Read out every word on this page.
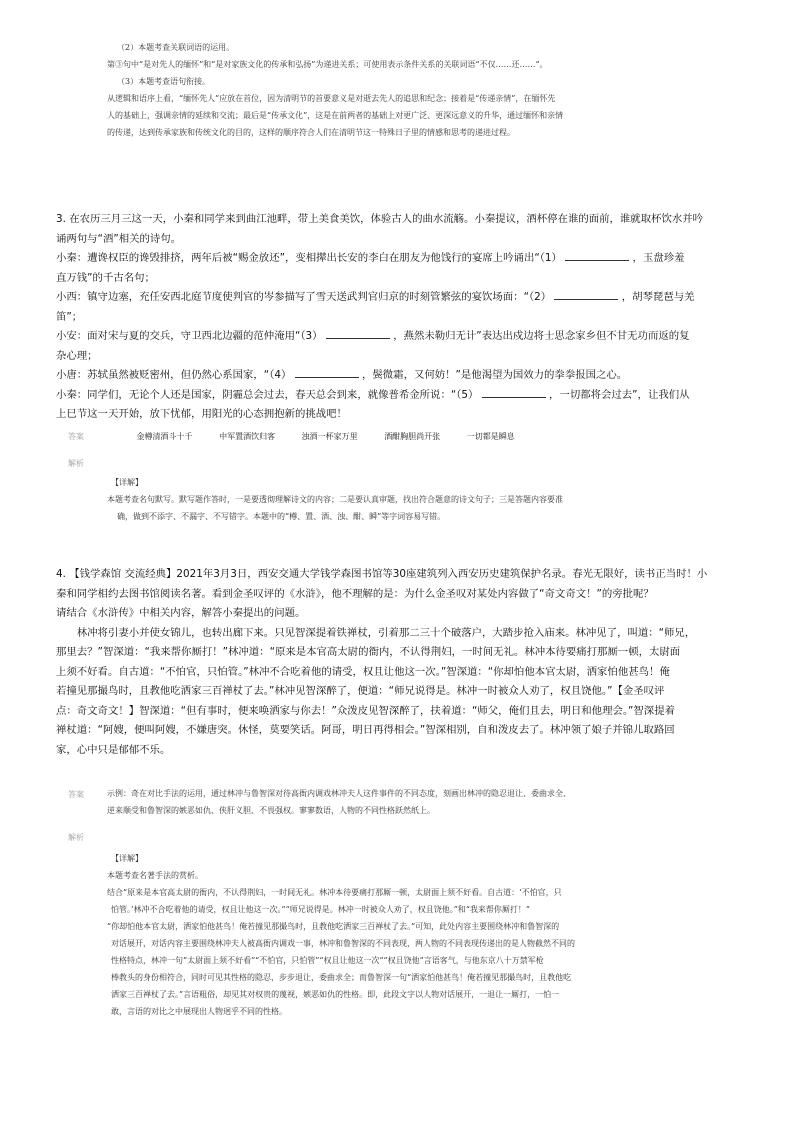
（2）本题考查关联词语的运用。
第③句中“是对先人的缅怀”和“是对家族文化的传承和弘扬”为递进关系；可使用表示条件关系的关联词语“不仅……还……”。
（3）本题考查语句衔接。
从逻辑和语序上看，“缅怀先人”应放在首位，因为清明节的首要意义是对逝去先人的追思和纪念；接着是“传递亲情”，在缅怀先
人的基础上，强调亲情的延续和交流；最后是“传承文化”，这是在前两者的基础上对更广泛、更深远意义的升华，通过缅怀和亲情
的传递，达到传承家族和传统文化的目的，这样的顺序符合人们在清明节这一特殊日子里的情感和思考的递进过程。
3. 在农历三月三这一天，小秦和同学来到曲江池畔，带上美食美饮，体验古人的曲水流觞。小秦提议，酒杯停在谁的面前，谁就取杯饮水并吟
诵两句与“酒”相关的诗句。
小秦：遭谗权臣的谗毁排挤，两年后被“赐金放还”，变相撵出长安的李白在朋友为他饯行的宴席上吟诵出“（1）	，玉盘珍羞
直万钱”的千古名句；
小西：镇守边塞，充任安西北庭节度使判官的岑参描写了雪天送武判官归京的时刻管繁弦的宴饮场面：“（2）	，胡琴琵琶与羌
笛”；
小安：面对宋与夏的交兵，守卫西北边疆的范仲淹用“（3）	，燕然未勒归无计”表达出戍边将士思念家乡但不甘无功而返的复
杂心理；
小唐：苏轼虽然被贬密州，但仍然心系国家，“（4）	，鬓微霜，又何妨！”是他渴望为国效力的拳拳报国之心。
小秦：同学们，无论个人还是国家，阴霾总会过去，春天总会到来，就像普希金所说：“（5）	，一切都将会过去”，让我们从
上巳节这一天开始，放下忧郁，用阳光的心态拥抱新的挑战吧！
答案	金樽清酒斗十千	中军置酒饮归客	浊酒一杯家万里	酒酣胸胆尚开张	一切都是瞬息
解析
【详解】
本题考查名句默写。默写题作答时，一是要透彻理解诗文的内容；二是要认真审题，找出符合题意的诗文句子；三是答题内容要准
确，做到不添字、不漏字、不写错字。本题中的“樽、置、酒、浊、酣、瞬”等字词容易写错。
4. 【钱学森馆 交流经典】2021年3月3日，西安交通大学钱学森图书馆等30座建筑列入西安历史建筑保护名录。春光无限好，读书正当时！小
秦和同学相约去图书馆阅读名著。看到金圣叹评的《水浒》，他不理解的是：为什么金圣叹对某处内容做了“奇文奇文！”的旁批呢？
请结合《水浒传》中相关内容，解答小秦提出的问题。
　　林冲将引妻小并使女锦儿，也转出廊下来。只见智深提着铁禅杖，引着那二三十个破落户，大踏步抢入庙来。林冲见了，叫道：“师兄，
那里去？”智深道：“我来帮你厮打！”林冲道：“原来是本官高太尉的衙内，不认得荆妇，一时间无礼。林冲本待要痛打那厮一顿，太尉面
上须不好看。自古道：“不怕官，只怕管。”林冲不合吃着他的请受，权且让他这一次。”智深道：“你却怕他本官太尉，洒家怕他甚鸟！俺
若撞见那撮鸟时，且教他吃洒家三百禅杖了去。”林冲见智深醉了，便道：“师兄说得是。林冲一时被众人劝了，权且饶他。”【金圣叹评
点：奇文奇文！】智深道：“但有事时，便来唤洒家与你去！”众泼皮见智深醉了，扶着道：“师父，俺们且去，明日和他理会。”智深提着
禅杖道：“阿嫂，便叫阿嫂，不嫌唐突。休怪，莫要笑话。阿哥，明日再得相会。”智深相别，自和泼皮去了。林冲领了娘子并锦儿取路回
家，心中只是郁郁不乐。
答案	示例：奇在对比手法的运用，通过林冲与鲁智深对待高衙内调戏林冲夫人这件事件的不同态度，刻画出林冲的隐忍退让、委曲求全、
逆来顺受和鲁智深的嫉恶如仇、侠肝义胆、不畏强权。寥寥数语，人物的不同性格跃然纸上。
解析
【详解】
本题考查名著手法的赏析。
结合“原来是本官高太尉的衙内，不认得荆妇，一时间无礼。林冲本待要痛打那厮一顿，太尉面上须不好看。自古道：‘不怕官，只
怕管。’林冲不合吃着他的请受，权且让他这一次。”“师兄说得是。林冲一时被众人劝了，权且饶他。”和“我来帮你厮打！”
“你却怕他本官太尉，洒家怕他甚鸟！俺若撞见那撮鸟时，且教他吃洒家三百禅杖了去。”可知，此处内容主要围绕林冲和鲁智深的
对话展开，对话内容主要围绕林冲夫人被高衙内调戏一事，林冲和鲁智深的不同表现，两人物的不同表现传递出的是人物截然不同的
性格特点，林冲一句“太尉面上须不好看”“不怕官，只怕管”“权且让他这一次”“权且饶他”言语客气，与他东京八十万禁军枪
棒教头的身份相符合，同时可见其性格的隐忍，步步退让，委曲求全；而鲁智深一句“洒家怕他甚鸟！俺若撞见那撮鸟时，且教他吃
洒家三百禅杖了去。”言语粗俗，却见其对权贵的蔑视，嫉恶如仇的性格。即，此段文字以人物对话展开，一退让一厮打，一怕一
敢，言语的对比之中展现出人物迥乎不同的性格。
